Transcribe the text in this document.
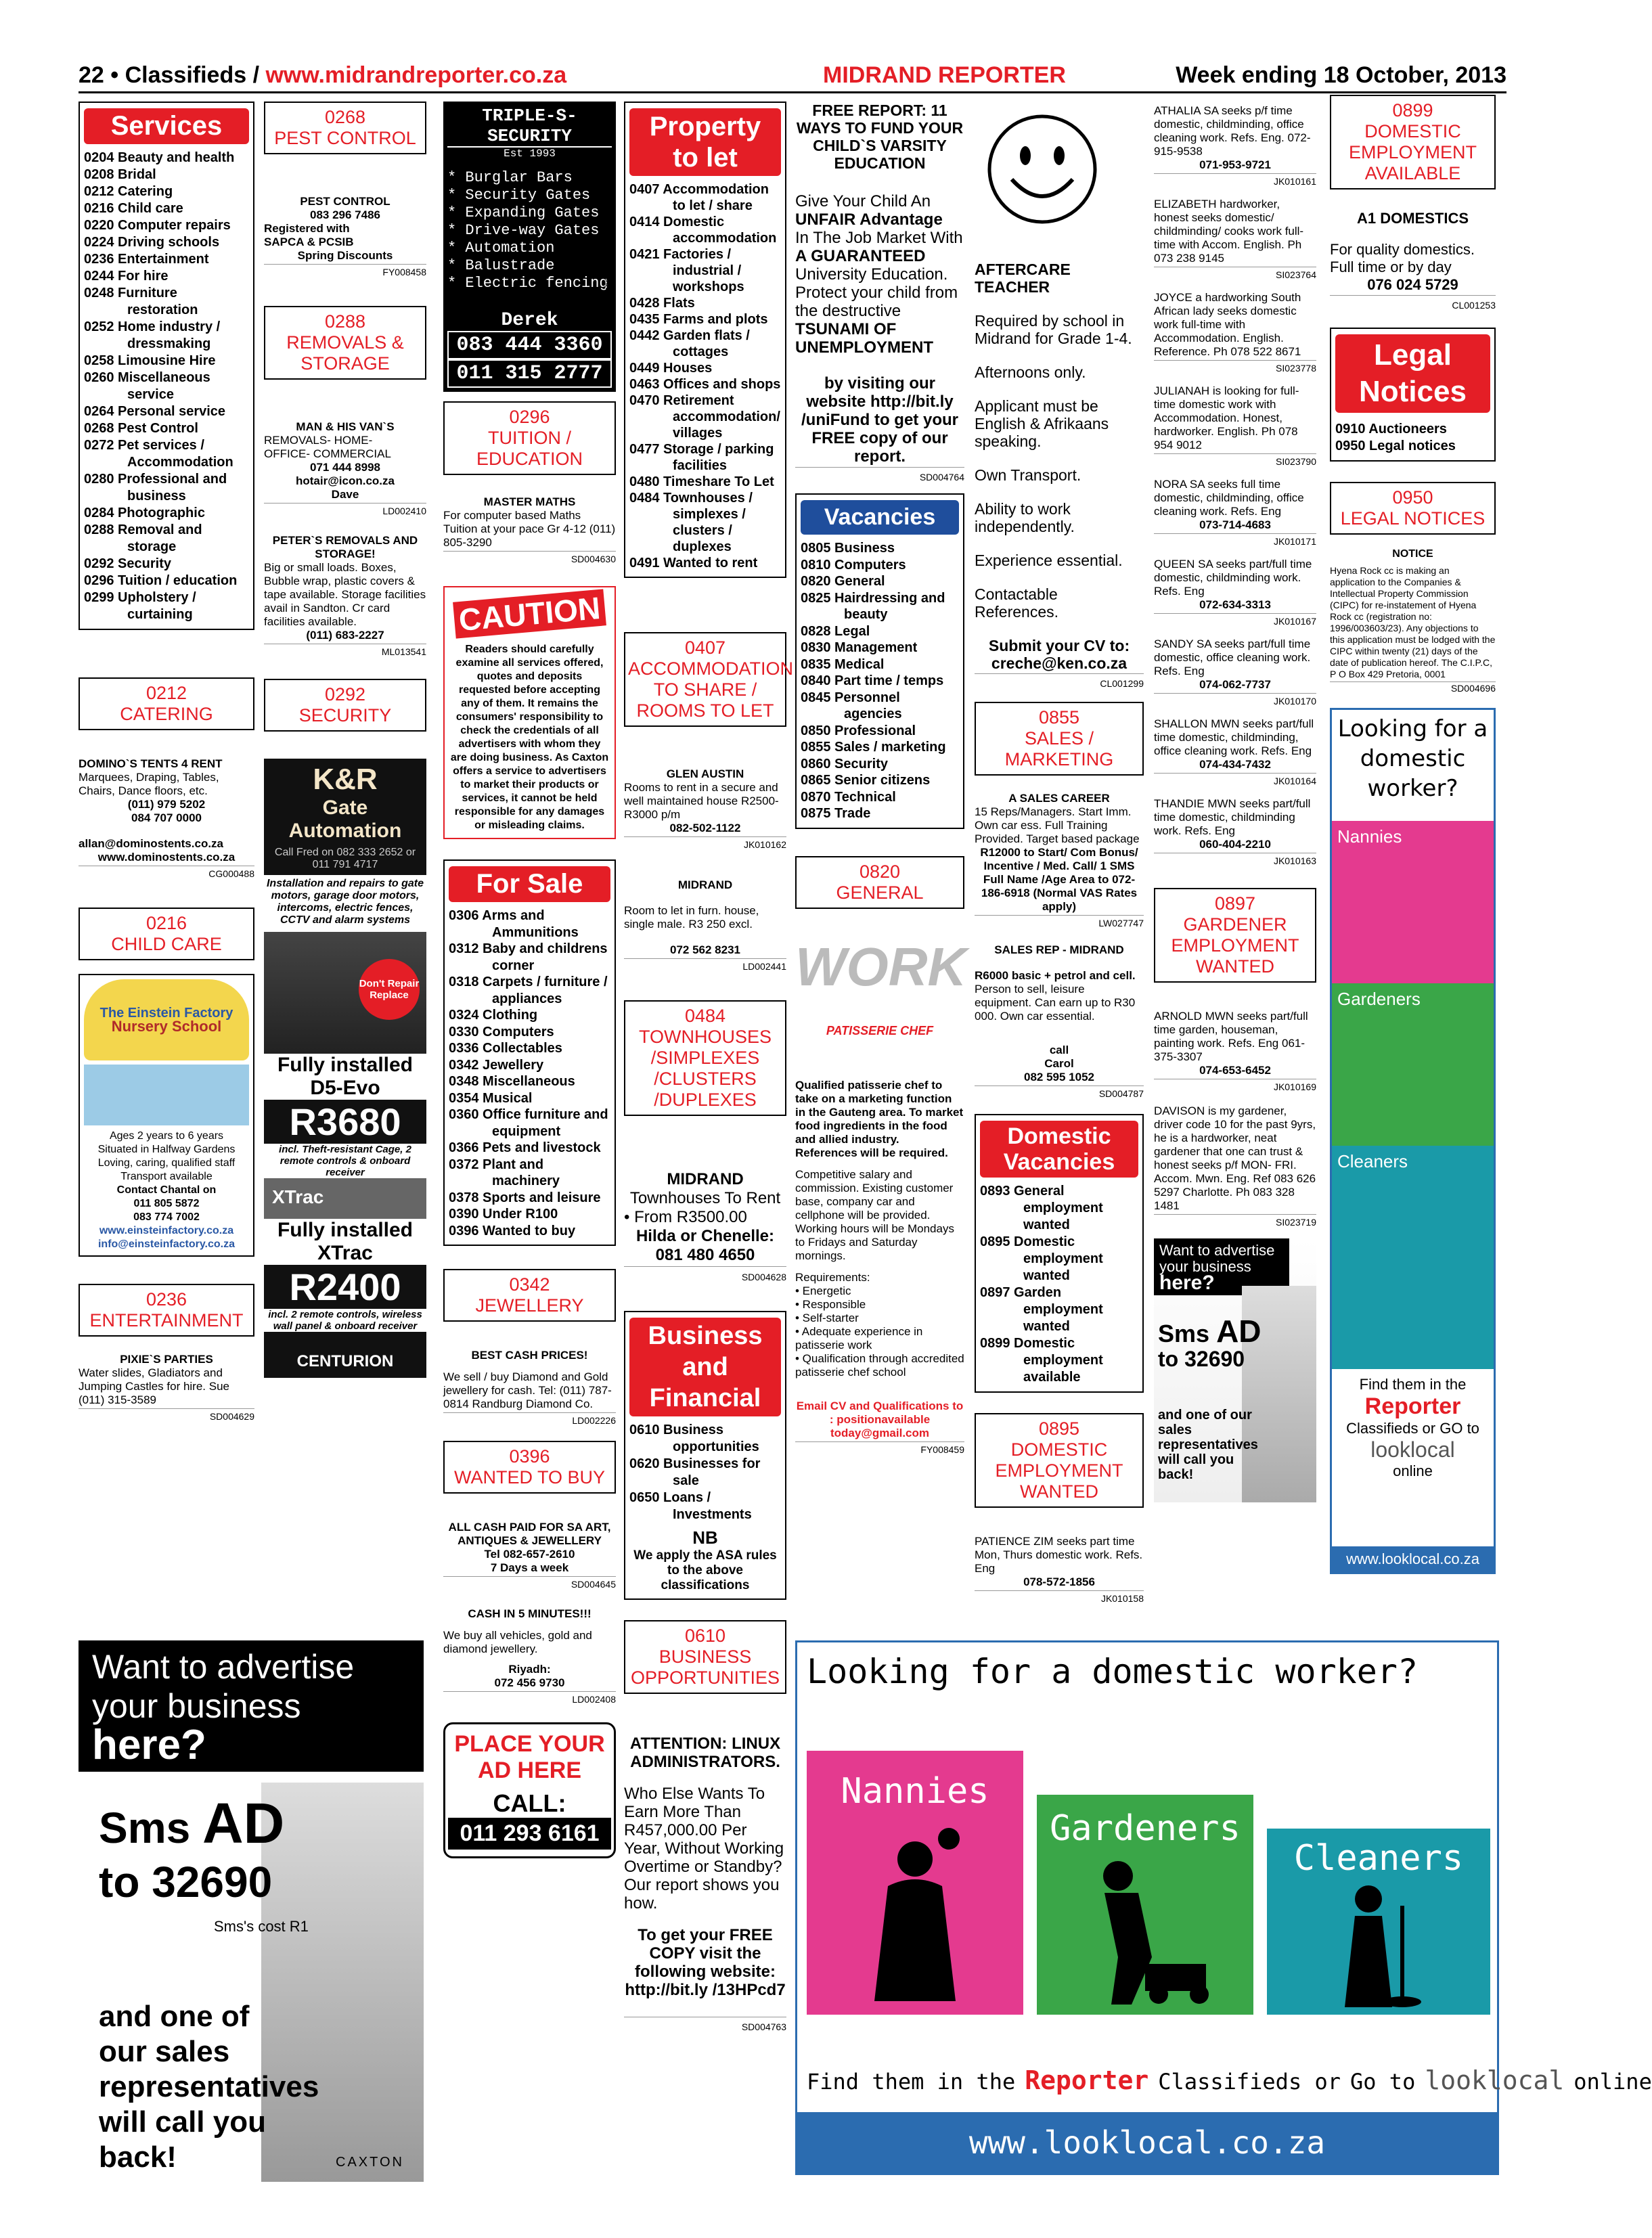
22 • Classifieds / www.midrandreporter.co.za	MIDRAND REPORTER	Week ending 18 October, 2013
Services
0204 Beauty and health
0208 Bridal
0212 Catering
0216 Child care
0220 Computer repairs
0224 Driving schools
0236 Entertainment
0244 For hire
0248 Furniture restoration
0252 Home industry / dressmaking
0258 Limousine Hire
0260 Miscellaneous service
0264 Personal service
0268 Pest Control
0272 Pet services / Accommodation
0280 Professional and business
0284 Photographic
0288 Removal and storage
0292 Security
0296 Tuition / education
0299 Upholstery / curtaining
0212
CATERING
DOMINO`S TENTS 4 RENT
Marquees, Draping, Tables, Chairs, Dance floors, etc.
(011) 979 5202
084 707 0000
allan@dominostents.co.za
www.dominostents.co.za
CG000488
0216
CHILD CARE
The Einstein Factory
Nursery School
Ages 2 years to 6 years
Situated in Halfway Gardens
Loving, caring, qualified staff
Transport available
Contact Chantal on
011 805 5872
083 774 7002
www.einsteinfactory.co.za
info@einsteinfactory.co.za
0236
ENTERTAINMENT
PIXIE`S PARTIES
Water slides, Gladiators and Jumping Castles for hire. Sue (011) 315-3589
SD004629
Want to advertise
your business
here?
Sms AD
to 32690
Sms's cost R1
and one of
our sales
representatives
will call you
back!	CAXTON
0268
PEST CONTROL
PEST CONTROL
083 296 7486
Registered with
SAPCA & PCSIB
Spring Discounts
FY008458
0288
REMOVALS &
STORAGE
MAN & HIS VAN`S
REMOVALS- HOME-
OFFICE- COMMERCIAL
071 444 8998
hotair@icon.co.za
Dave
LD002410
PETER`S REMOVALS AND STORAGE!
Big or small loads. Boxes, Bubble wrap, plastic covers & tape available. Storage facilities avail in Sandton. Cr card facilities available.
(011) 683-2227
ML013541
0292
SECURITY
K&R
Gate Automation
Call Fred on 082 333 2652 or 011 791 4717
Installation and repairs to gate motors, garage door motors, intercoms, electric fences, CCTV and alarm systems
Don't Repair Replace
Fully installed
D5-Evo
R3680
incl. Theft-resistant Cage, 2 remote controls & onboard receiver
XTrac
Fully installed
XTrac
R2400
incl. 2 remote controls, wireless wall panel & onboard receiver
CENTURION
TRIPLE-S-SECURITY
Est 1993
* Burglar Bars
* Security Gates
* Expanding Gates
* Drive-way Gates
* Automation
* Balustrade
* Electric fencing
Derek
083 444 3360
011 315 2777
AD002790
0296
TUITION / EDUCATION
MASTER MATHS
For computer based Maths Tuition at your pace Gr 4-12 (011) 805-3290
SD004630
CAUTION
Readers should carefully examine all services offered, quotes and deposits requested before accepting any of them. It remains the consumers' responsibility to check the credentials of all advertisers with whom they are doing business. As Caxton offers a service to advertisers to market their products or services, it cannot be held responsible for any damages or misleading claims.
For Sale
0306 Arms and Ammunitions
0312 Baby and childrens corner
0318 Carpets / furniture / appliances
0324 Clothing
0330 Computers
0336 Collectables
0342 Jewellery
0348 Miscellaneous
0354 Musical
0360 Office furniture and equipment
0366 Pets and livestock
0372 Plant and machinery
0378 Sports and leisure
0390 Under R100
0396 Wanted to buy
0342
JEWELLERY
BEST CASH PRICES!
We sell / buy Diamond and Gold jewellery for cash. Tel: (011) 787-0814 Randburg Diamond Co.
LD002226
0396
WANTED TO BUY
ALL CASH PAID FOR SA ART, ANTIQUES & JEWELLERY
Tel 082-657-2610
7 Days a week
SD004645
CASH IN 5 MINUTES!!!
We buy all vehicles, gold and diamond jewellery.
Riyadh:
072 456 9730
LD002408
PLACE YOUR
AD HERE
CALL:
011 293 6161
Property
to let
0407 Accommodation to let / share
0414 Domestic accommodation
0421 Factories / industrial / workshops
0428 Flats
0435 Farms and plots
0442 Garden flats / cottages
0449 Houses
0463 Offices and shops
0470 Retirement accommodation/ villages
0477 Storage / parking facilities
0480 Timeshare To Let
0484 Townhouses / simplexes / clusters / duplexes
0491 Wanted to rent
0407
ACCOMMODATION TO SHARE / ROOMS TO LET
GLEN AUSTIN
Rooms to rent in a secure and well maintained house R2500-R3000 p/m
082-502-1122
JK010162
MIDRAND
Room to let in furn. house, single male. R3 250 excl.
072 562 8231
LD002441
0484
TOWNHOUSES /SIMPLEXES /CLUSTERS /DUPLEXES
MIDRAND
Townhouses To Rent
• From R3500.00
Hilda or Chenelle:
081 480 4650
SD004628
Business
and
Financial
0610 Business opportunities
0620 Businesses for sale
0650 Loans / Investments
NB
We apply the ASA rules to the above classifications
0610
BUSINESS OPPORTUNITIES
ATTENTION: LINUX ADMINISTRATORS.
Who Else Wants To Earn More Than R457,000.00 Per Year, Without Working Overtime or Standby? Our report shows you how.
To get your FREE COPY visit the following website: http://bit.ly /13HPcd7
SD004763
FREE REPORT: 11 WAYS TO FUND YOUR CHILD`S VARSITY EDUCATION
Give Your Child An
UNFAIR Advantage
In The Job Market With
A GUARANTEED
University Education. Protect your child from the destructive
TSUNAMI OF UNEMPLOYMENT
by visiting our website http://bit.ly /uniFund to get your FREE copy of our report.
SD004764
Vacancies
0805 Business
0810 Computers
0820 General
0825 Hairdressing and beauty
0828 Legal
0830 Management
0835 Medical
0840 Part time / temps
0845 Personnel agencies
0850 Professional
0855 Sales / marketing
0860 Security
0865 Senior citizens
0870 Technical
0875 Trade
0820
GENERAL
WORK
PATISSERIE CHEF
Qualified patisserie chef to take on a marketing function in the Gauteng area. To market food ingredients in the food and allied industry. References will be required.
Competitive salary and commission. Existing customer base, company car and cellphone will be provided. Working hours will be Mondays to Fridays and Saturday mornings.
Requirements:
• Energetic
• Responsible
• Self-starter
• Adequate experience in patisserie work
• Qualification through accredited patisserie chef school
Email CV and Qualifications to : positionavailable today@gmail.com
FY008459
AFTERCARE TEACHER
Required by school in Midrand for Grade 1-4.
Afternoons only.
Applicant must be English & Afrikaans speaking.
Own Transport.
Ability to work independently.
Experience essential.
Contactable References.
Submit your CV to: creche@ken.co.za
CL001299
0855
SALES / MARKETING
A SALES CAREER
15 Reps/Managers. Start Imm. Own car ess. Full Training Provided. Target based package
R12000 to Start/ Com Bonus/ Incentive / Med. Call/ 1 SMS Full Name /Age Area to 072-186-6918 (Normal VAS Rates apply)
LW027747
SALES REP - MIDRAND
R6000 basic + petrol and cell.
Person to sell, leisure equipment. Can earn up to R30 000. Own car essential.
call
Carol
082 595 1052
SD004787
Domestic
Vacancies
0893 General employment wanted
0895 Domestic employment wanted
0897 Garden employment wanted
0899 Domestic employment available
0895
DOMESTIC EMPLOYMENT WANTED
PATIENCE ZIM seeks part time Mon, Thurs domestic work. Refs. Eng
078-572-1856
JK010158
ATHALIA SA seeks p/f time domestic, childminding, office cleaning work. Refs. Eng. 072-915-9538
071-953-9721
JK010161
ELIZABETH hardworker, honest seeks domestic/ childminding/ cooks work full-time with Accom. English. Ph 073 238 9145
SI023764
JOYCE a hardworking South African lady seeks domestic work full-time with Accommodation. English. Reference. Ph 078 522 8671
SI023778
JULIANAH is looking for full-time domestic work with Accommodation. Honest, hardworker. English. Ph 078 954 9012
SI023790
NORA SA seeks full time domestic, childminding, office cleaning work. Refs. Eng
073-714-4683
JK010171
QUEEN SA seeks part/full time domestic, childminding work. Refs. Eng
072-634-3313
JK010167
SANDY SA seeks part/full time domestic, office cleaning work. Refs. Eng
074-062-7737
JK010170
SHALLON MWN seeks part/full time domestic, childminding, office cleaning work. Refs. Eng
074-434-7432
JK010164
THANDIE MWN seeks part/full time domestic, childminding work. Refs. Eng
060-404-2210
JK010163
0897
GARDENER EMPLOYMENT WANTED
ARNOLD MWN seeks part/full time garden, houseman, painting work. Refs. Eng 061-375-3307
074-653-6452
JK010169
DAVISON is my gardener, driver code 10 for the past 9yrs, he is a hardworker, neat gardener that one can trust & honest seeks p/f MON- FRI. Accom. Mwn. Eng. Ref 083 626 5297 Charlotte. Ph 083 328 1481
SI023719
Want to advertise
your business
here?
Sms AD
to 32690
and one of our sales representatives will call you back!
0899
DOMESTIC EMPLOYMENT AVAILABLE
A1 DOMESTICS
For quality domestics. Full time or by day
076 024 5729
CL001253
Legal
Notices
0910 Auctioneers
0950 Legal notices
0950
LEGAL NOTICES
NOTICE
Hyena Rock cc is making an application to the Companies & Intellectual Property Commission (CIPC) for re-instatement of Hyena Rock cc (registration no: 1996/003603/23). Any objections to this application must be lodged with the CIPC within twenty (21) days of the date of publication hereof. The C.I.P.C, P O Box 429 Pretoria, 0001
SD004696
Looking for a domestic worker?
Nannies
Gardeners
Cleaners
Find them in the
Reporter
Classifieds or GO to
looklocal
online
www.looklocal.co.za
Looking for a domestic worker?
Nannies
Gardeners
Cleaners
Find them in the Reporter Classifieds or Go to looklocal online
www.looklocal.co.za
